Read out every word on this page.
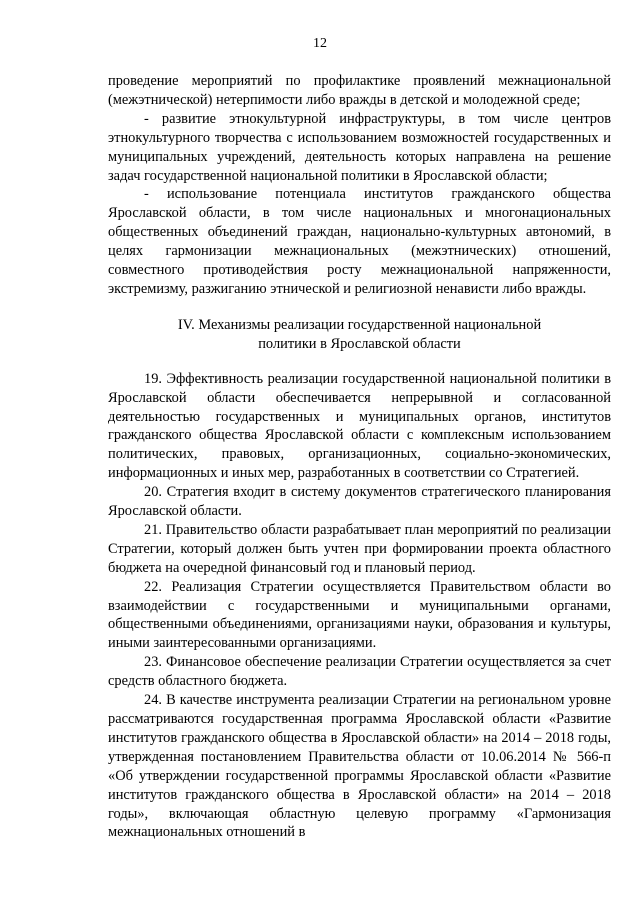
12

проведение мероприятий по профилактике проявлений межнациональной (межэтнической) нетерпимости либо вражды в детской и молодежной среде;

- развитие этнокультурной инфраструктуры, в том числе центров этнокультурного творчества с использованием возможностей государственных и муниципальных учреждений, деятельность которых направлена на решение задач государственной национальной политики в Ярославской области;

- использование потенциала институтов гражданского общества Ярославской области, в том числе национальных и многонациональных общественных объединений граждан, национально-культурных автономий, в целях гармонизации межнациональных (межэтнических) отношений, совместного противодействия росту межнациональной напряженности, экстремизму, разжиганию этнической и религиозной ненависти либо вражды.

IV. Механизмы реализации государственной национальной
политики в Ярославской области

19. Эффективность реализации государственной национальной политики в Ярославской области обеспечивается непрерывной и согласованной деятельностью государственных и муниципальных органов, институтов гражданского общества Ярославской области с комплексным использованием политических, правовых, организационных, социально-экономических, информационных и иных мер, разработанных в соответствии со Стратегией.

20. Стратегия входит в систему документов стратегического планирования Ярославской области.

21. Правительство области разрабатывает план мероприятий по реализации Стратегии, который должен быть учтен при формировании проекта областного бюджета на очередной финансовый год и плановый период.

22. Реализация Стратегии осуществляется Правительством области во взаимодействии с государственными и муниципальными органами, общественными объединениями, организациями науки, образования и культуры, иными заинтересованными организациями.

23. Финансовое обеспечение реализации Стратегии осуществляется за счет средств областного бюджета.

24. В качестве инструмента реализации Стратегии на региональном уровне рассматриваются государственная программа Ярославской области «Развитие институтов гражданского общества в Ярославской области» на 2014 – 2018 годы, утвержденная постановлением Правительства области от 10.06.2014 № 566-п «Об утверждении государственной программы Ярославской области «Развитие институтов гражданского общества в Ярославской области» на 2014 – 2018 годы», включающая областную целевую программу «Гармонизация межнациональных отношений в
